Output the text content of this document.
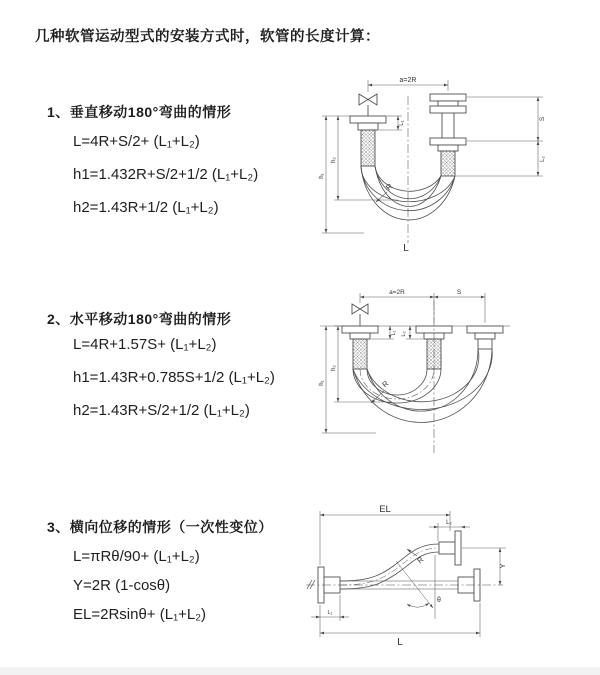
几种软管运动型式的安装方式时，软管的长度计算：
1、垂直移动180°弯曲的情形
L=4R+S/2+ (L₁+L₂)
h1=1.432R+S/2+1/2 (L₁+L₂)
h2=1.43R+1/2 (L₁+L₂)
a=2R
h₁
h₂
L₁
S
L₂
R
L
2、水平移动180°弯曲的情形
L=4R+1.57S+ (L₁+L₂)
h1=1.43R+0.785S+1/2 (L₁+L₂)
h2=1.43R+S/2+1/2 (L₁+L₂)
a=2R	S
h₁
h₂
L₁ L₂
R
3、横向位移的情形（一次性变位）
L=πRθ/90+ (L₁+L₂)
Y=2R (1-cosθ)
EL=2Rsinθ+ (L₁+L₂)
EL
L₂
Y
R
θ
L
L₁
